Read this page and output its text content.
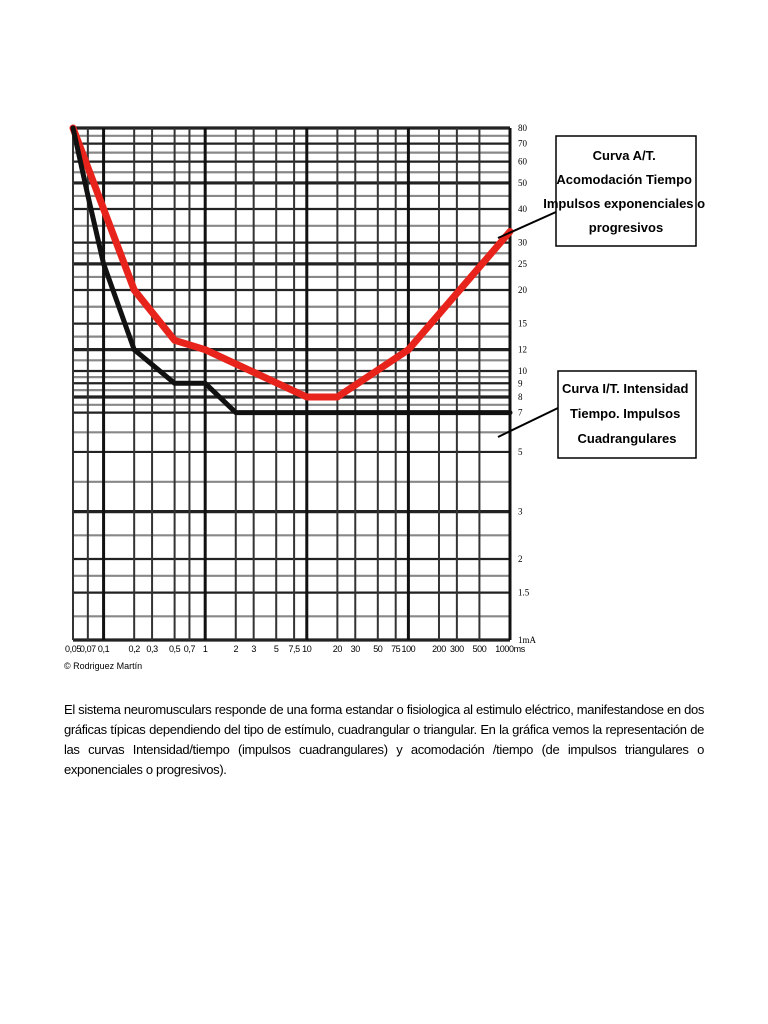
80
70
60
50
40
30
25
20
15
12
10
9
8
7
5
3
2
1.5
1mA
0,05
0,07 0,1 0,2 0,3 0,5 0,7 1	2 3 5 7,5 10 20 30 50 75 100 200 300 500 1000ms
Curva A/T. Acomodación Tiempo Impulsos exponenciales o progresivos
Curva I/T. Intensidad Tiempo. Impulsos Cuadrangulares
© Rodriguez Martín

El sistema neuromusculars responde de una forma estandar o fisiologica al estimulo eléctrico, manifestandose en dos gráficas típicas dependiendo del tipo de estímulo, cuadrangular o triangular. En la gráfica vemos la representación de las curvas Intensidad/tiempo (impulsos cuadrangulares) y acomodación /tiempo (de impulsos triangulares o exponenciales o progresivos).
